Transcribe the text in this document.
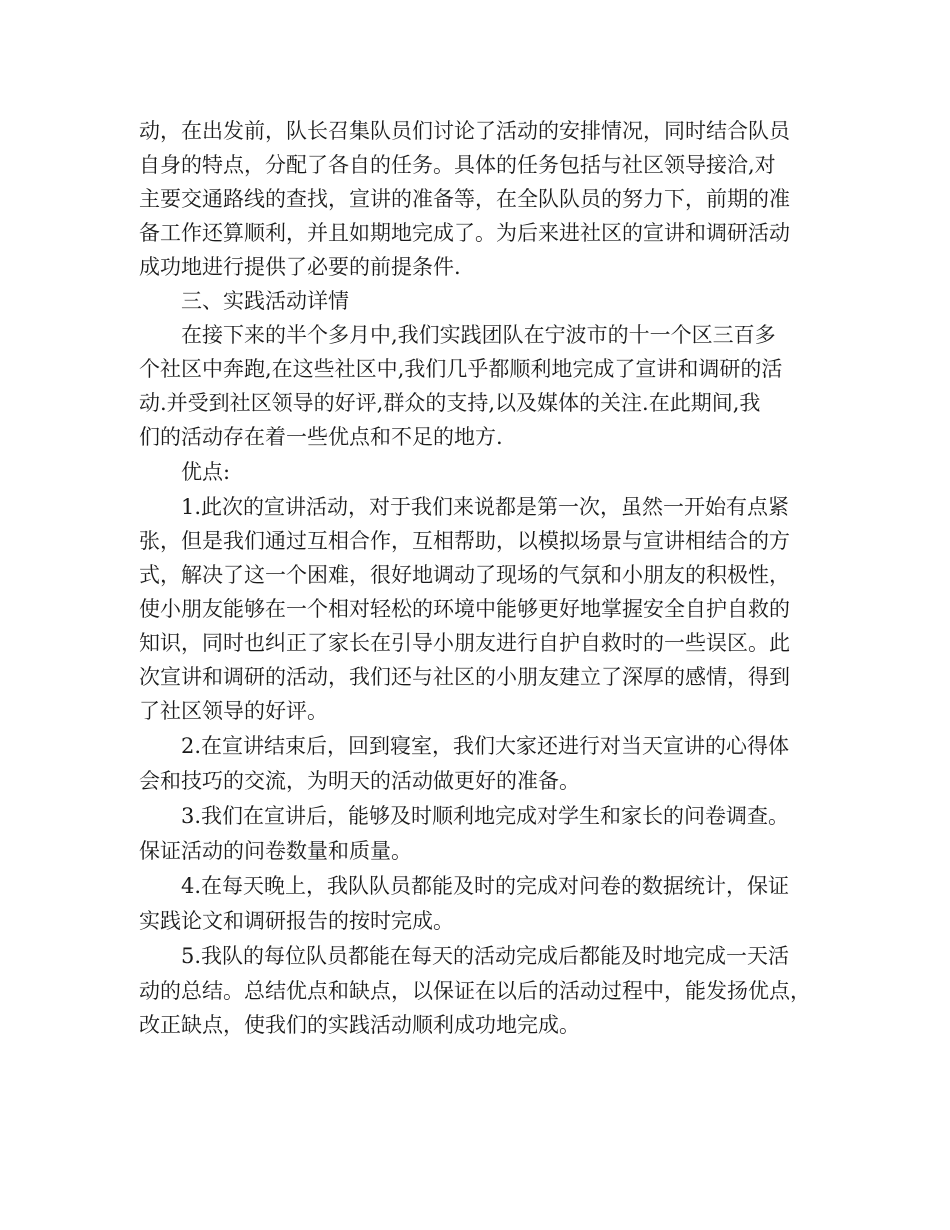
动，在出发前，队长召集队员们讨论了活动的安排情况，同时结合队员
自身的特点，分配了各自的任务。具体的任务包括与社区领导接洽,对
主要交通路线的查找，宣讲的准备等，在全队队员的努力下，前期的准
备工作还算顺利，并且如期地完成了。为后来进社区的宣讲和调研活动
成功地进行提供了必要的前提条件.
三、实践活动详情
在接下来的半个多月中,我们实践团队在宁波市的十一个区三百多
个社区中奔跑,在这些社区中,我们几乎都顺利地完成了宣讲和调研的活
动.并受到社区领导的好评,群众的支持,以及媒体的关注.在此期间,我
们的活动存在着一些优点和不足的地方.
优点:
1.此次的宣讲活动，对于我们来说都是第一次，虽然一开始有点紧
张，但是我们通过互相合作，互相帮助，以模拟场景与宣讲相结合的方
式，解决了这一个困难，很好地调动了现场的气氛和小朋友的积极性，
使小朋友能够在一个相对轻松的环境中能够更好地掌握安全自护自救的
知识，同时也纠正了家长在引导小朋友进行自护自救时的一些误区。此
次宣讲和调研的活动，我们还与社区的小朋友建立了深厚的感情，得到
了社区领导的好评。
2.在宣讲结束后，回到寝室，我们大家还进行对当天宣讲的心得体
会和技巧的交流，为明天的活动做更好的准备。
3.我们在宣讲后，能够及时顺利地完成对学生和家长的问卷调查。
保证活动的问卷数量和质量。
4.在每天晚上，我队队员都能及时的完成对问卷的数据统计，保证
实践论文和调研报告的按时完成。
5.我队的每位队员都能在每天的活动完成后都能及时地完成一天活
动的总结。总结优点和缺点，以保证在以后的活动过程中，能发扬优点，
改正缺点，使我们的实践活动顺利成功地完成。
